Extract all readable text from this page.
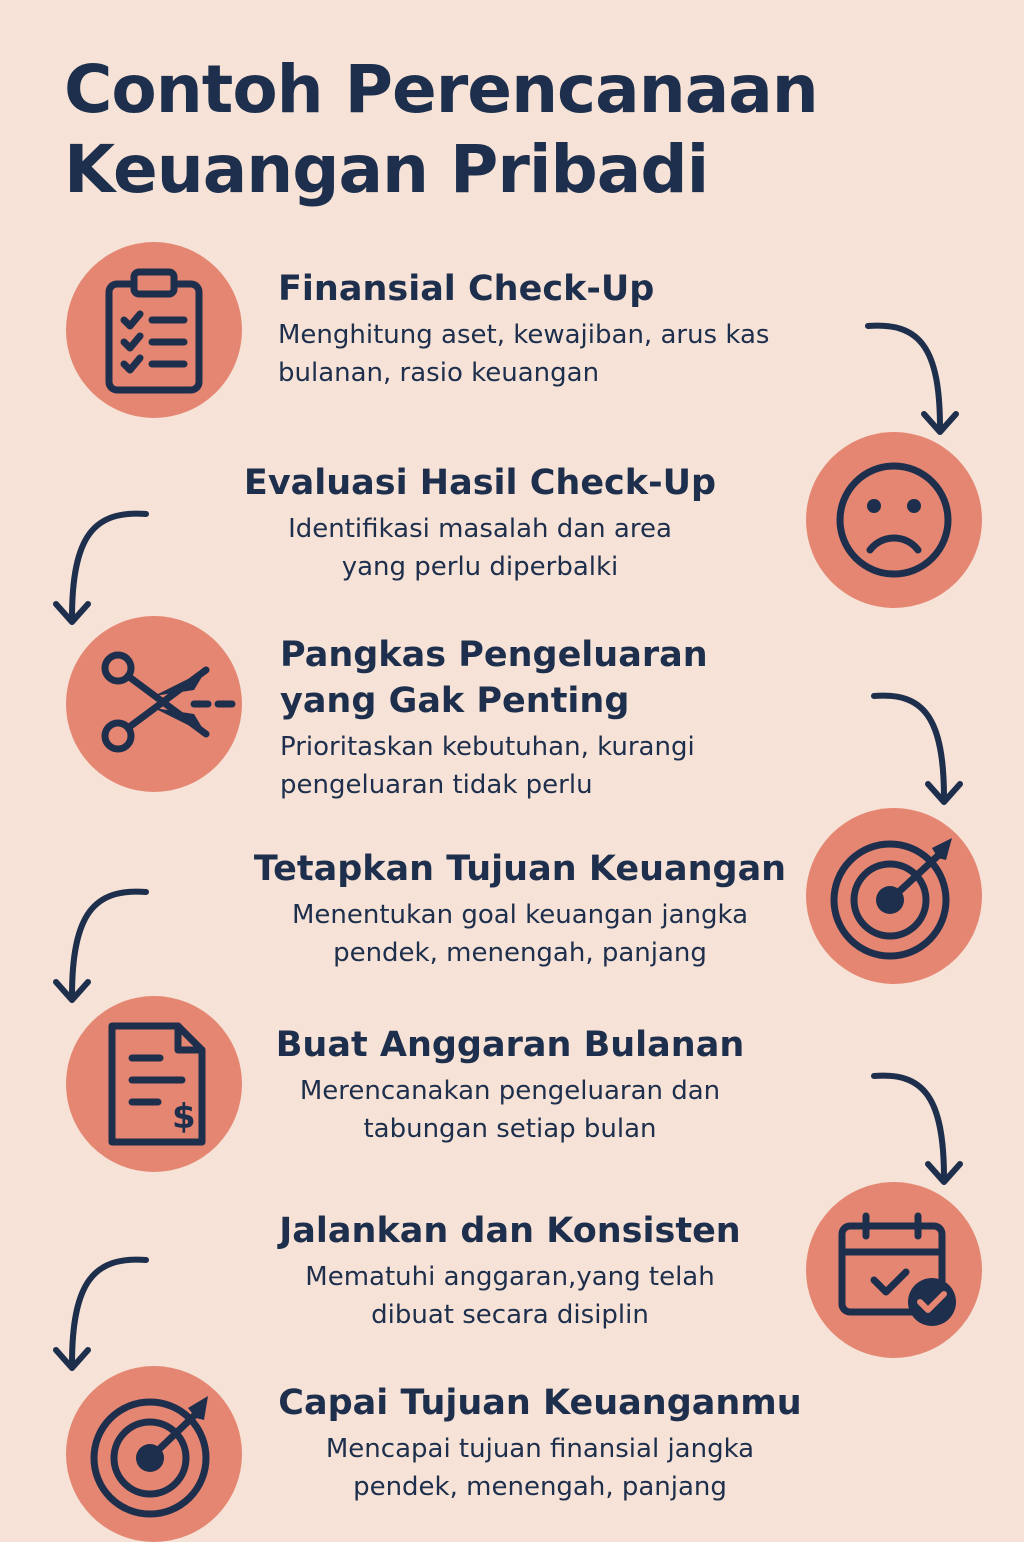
Contoh Perencanaan
Keuangan Pribadi
Finansial Check-Up
Menghitung aset, kewajiban, arus kas
bulanan, rasio keuangan
Evaluasi Hasil Check-Up
Identifikasi masalah dan area
yang perlu diperbalki
Pangkas Pengeluaran
yang Gak Penting
Prioritaskan kebutuhan, kurangi
pengeluaran tidak perlu
Tetapkan Tujuan Keuangan
Menentukan goal keuangan jangka
pendek, menengah, panjang
$
Buat Anggaran Bulanan
Merencanakan pengeluaran dan
tabungan setiap bulan
Jalankan dan Konsisten
Mematuhi anggaran,yang telah
dibuat secara disiplin
Capai Tujuan Keuanganmu
Mencapai tujuan finansial jangka
pendek, menengah, panjang
